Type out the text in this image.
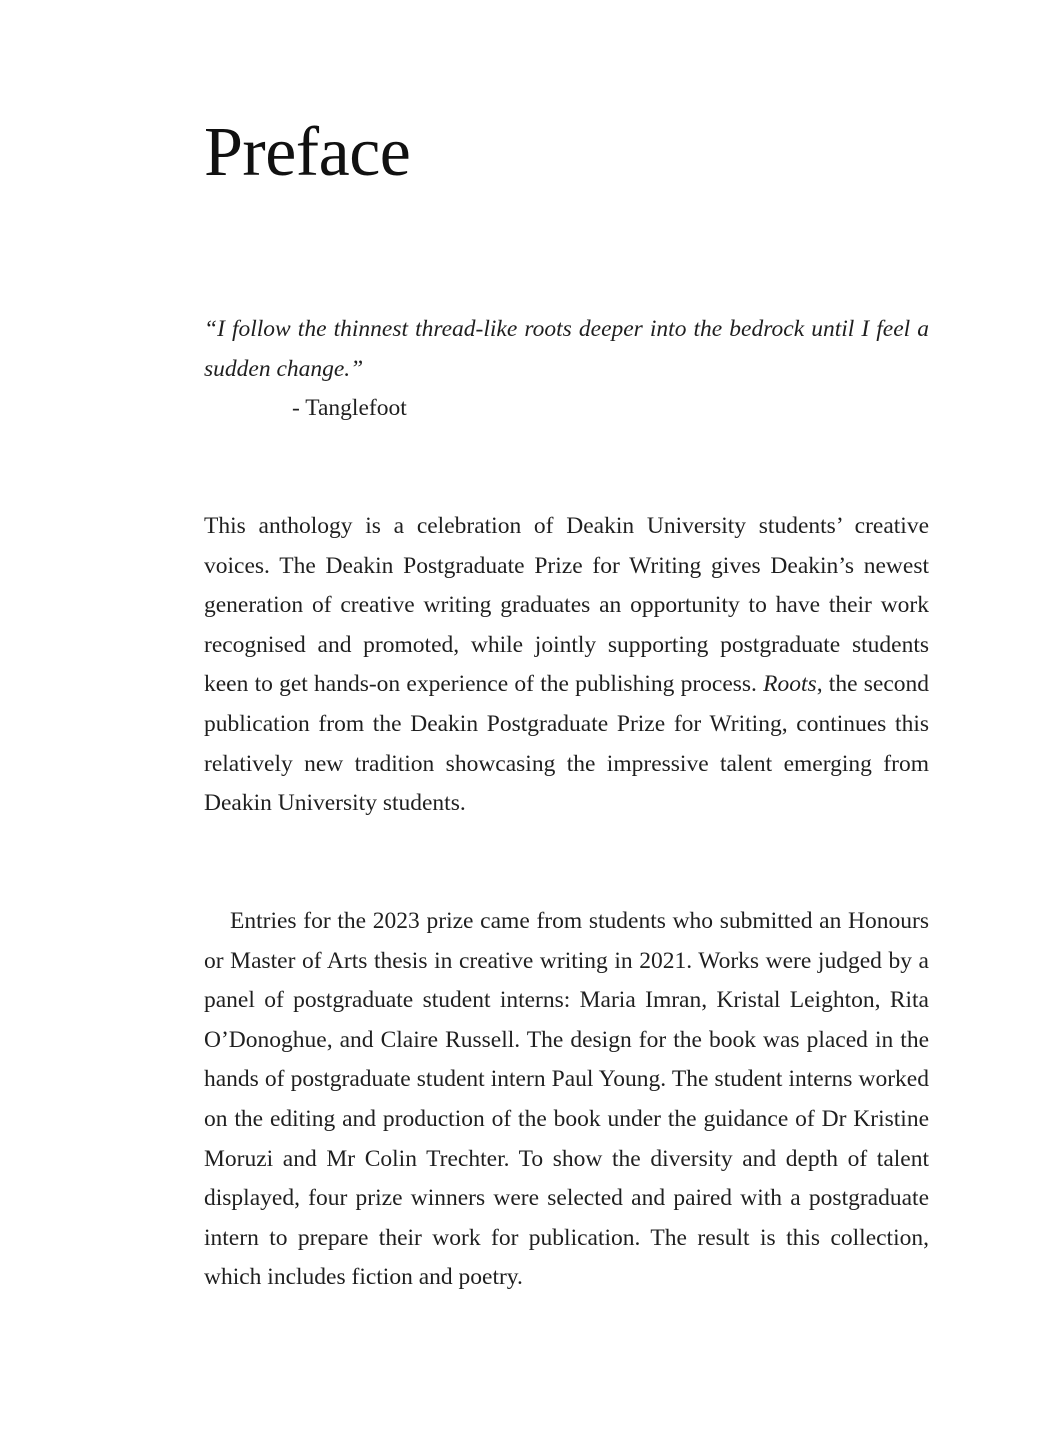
Preface

“I follow the thinnest thread-like roots deeper into the bedrock until I feel a sudden change.”

- Tanglefoot

This anthology is a celebration of Deakin University students’ creative voices. The Deakin Postgraduate Prize for Writing gives Deakin’s newest generation of creative writing graduates an opportunity to have their work recognised and promoted, while jointly supporting postgraduate students keen to get hands-on experience of the publishing process. Roots, the second publication from the Deakin Postgraduate Prize for Writing, continues this relatively new tradition showcasing the impressive talent emerging from Deakin University students.

Entries for the 2023 prize came from students who submitted an Honours or Master of Arts thesis in creative writing in 2021. Works were judged by a panel of postgraduate student interns: Maria Imran, Kristal Leighton, Rita O’Donoghue, and Claire Russell. The design for the book was placed in the hands of postgraduate student intern Paul Young. The student interns worked on the editing and production of the book under the guidance of Dr Kristine Moruzi and Mr Colin Trechter. To show the diversity and depth of talent displayed, four prize winners were selected and paired with a postgraduate intern to prepare their work for publication. The result is this collection, which includes fiction and poetry.
